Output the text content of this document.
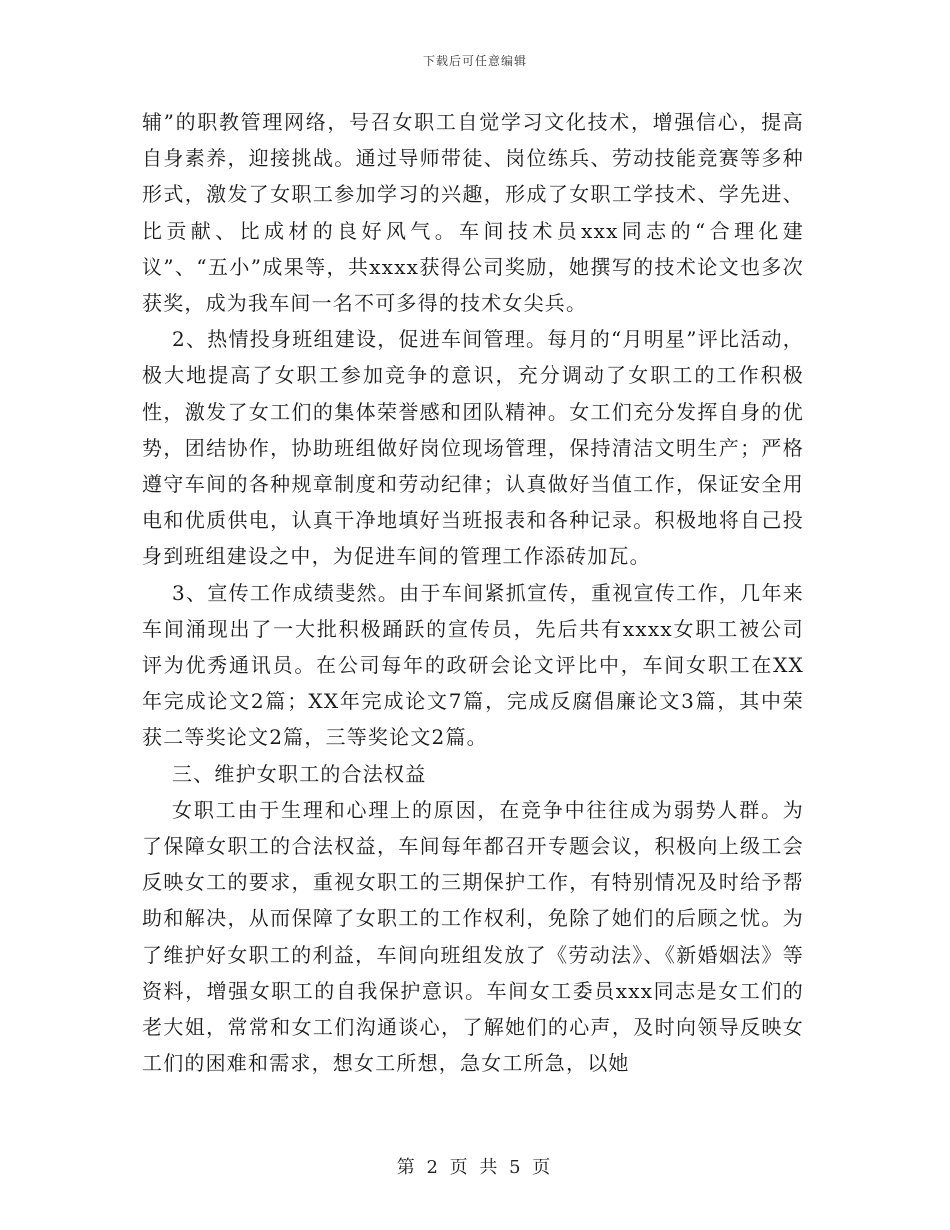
下载后可任意编辑

辅”的职教管理网络，号召女职工自觉学习文化技术，增强信心，提高自身素养，迎接挑战。通过导师带徒、岗位练兵、劳动技能竞赛等多种形式，激发了女职工参加学习的兴趣，形成了女职工学技术、学先进、比贡献、比成材的良好风气。车间技术员xxx同志的“合理化建议”、“五小”成果等，共xxxx获得公司奖励，她撰写的技术论文也多次获奖，成为我车间一名不可多得的技术女尖兵。

2、热情投身班组建设，促进车间管理。每月的“月明星”评比活动，极大地提高了女职工参加竞争的意识，充分调动了女职工的工作积极性，激发了女工们的集体荣誉感和团队精神。女工们充分发挥自身的优势，团结协作，协助班组做好岗位现场管理，保持清洁文明生产；严格遵守车间的各种规章制度和劳动纪律；认真做好当值工作，保证安全用电和优质供电，认真干净地填好当班报表和各种记录。积极地将自己投身到班组建设之中，为促进车间的管理工作添砖加瓦。

3、宣传工作成绩斐然。由于车间紧抓宣传，重视宣传工作，几年来车间涌现出了一大批积极踊跃的宣传员，先后共有xxxx女职工被公司评为优秀通讯员。在公司每年的政研会论文评比中，车间女职工在XX年完成论文2篇；XX年完成论文7篇，完成反腐倡廉论文3篇，其中荣获二等奖论文2篇，三等奖论文2篇。

三、维护女职工的合法权益

女职工由于生理和心理上的原因，在竞争中往往成为弱势人群。为了保障女职工的合法权益，车间每年都召开专题会议，积极向上级工会反映女工的要求，重视女职工的三期保护工作，有特别情况及时给予帮助和解决，从而保障了女职工的工作权利，免除了她们的后顾之忧。为了维护好女职工的利益，车间向班组发放了《劳动法》、《新婚姻法》等资料，增强女职工的自我保护意识。车间女工委员xxx同志是女工们的老大姐，常常和女工们沟通谈心，了解她们的心声，及时向领导反映女工们的困难和需求，想女工所想，急女工所急，以她

第 2 页 共 5 页
